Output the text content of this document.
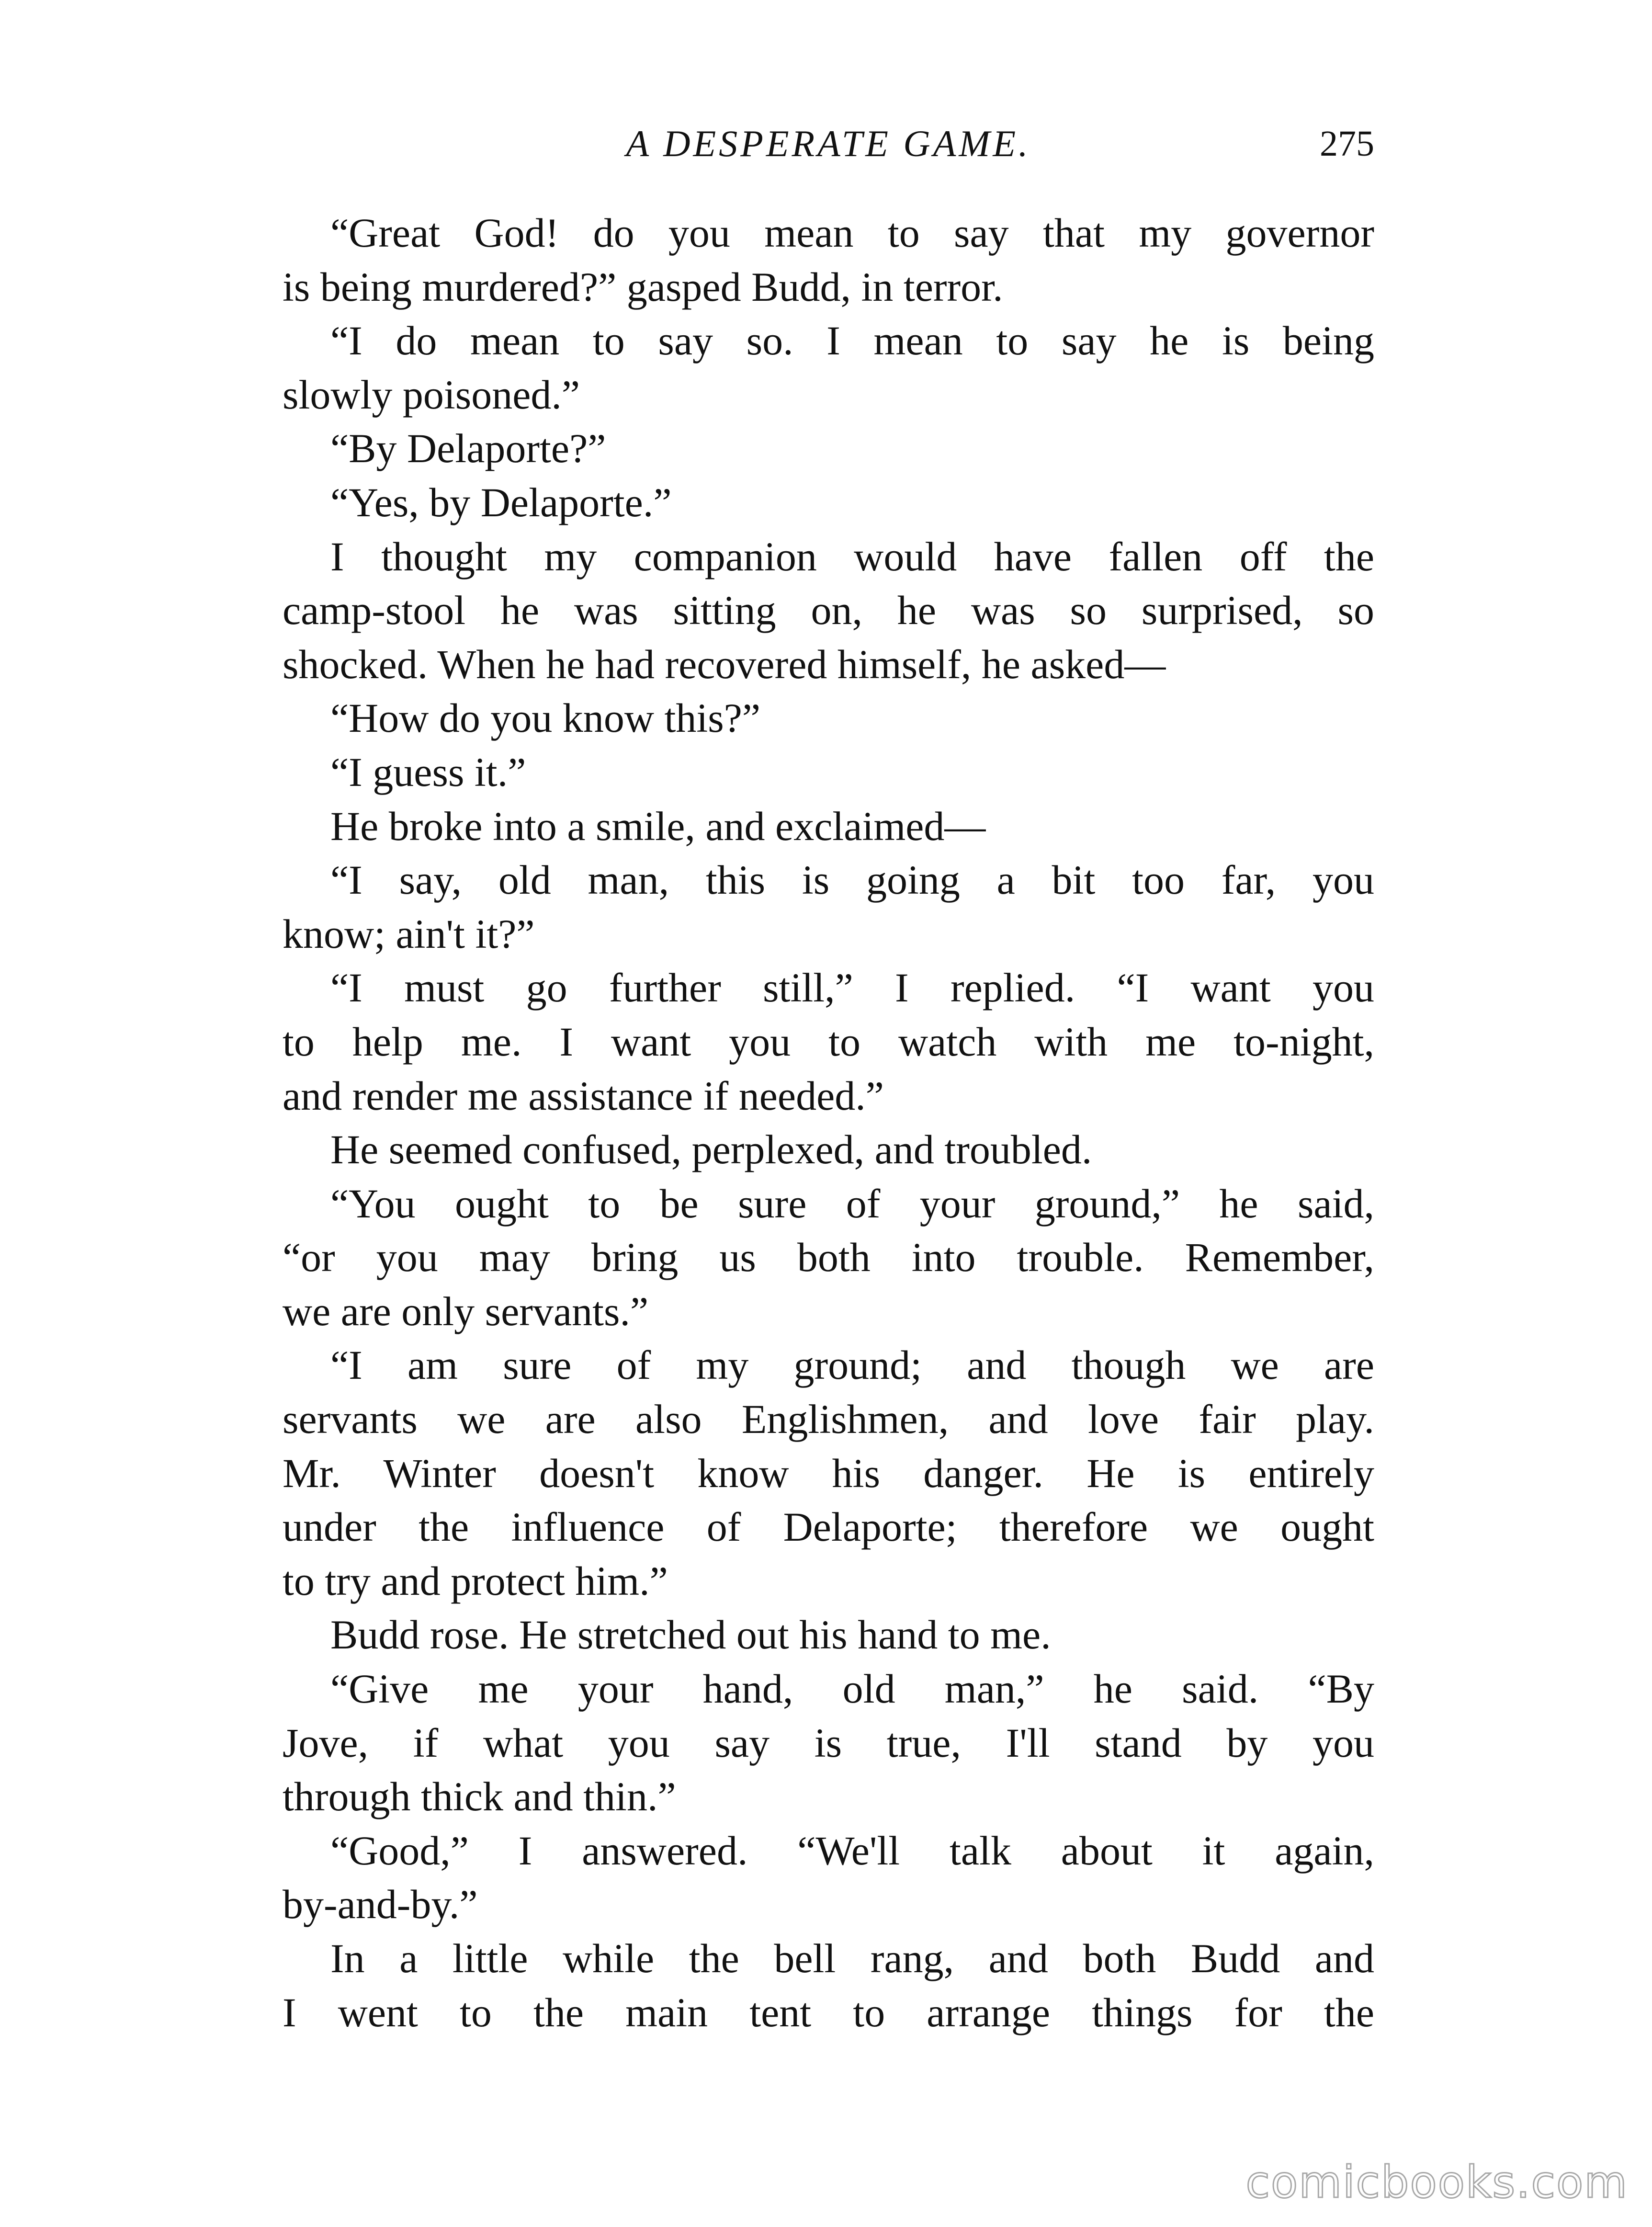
A DESPERATE GAME.	275
“Great God! do you mean to say that my governor
is being murdered?” gasped Budd, in terror.
“I do mean to say so. I mean to say he is being
slowly poisoned.”
“By Delaporte?”
“Yes, by Delaporte.”
I thought my companion would have fallen off the
camp-stool he was sitting on, he was so surprised, so
shocked. When he had recovered himself, he asked—
“How do you know this?”
“I guess it.”
He broke into a smile, and exclaimed—
“I say, old man, this is going a bit too far, you
know; ain't it?”
“I must go further still,” I replied. “I want you
to help me. I want you to watch with me to-night,
and render me assistance if needed.”
He seemed confused, perplexed, and troubled.
“You ought to be sure of your ground,” he said,
“or you may bring us both into trouble. Remember,
we are only servants.”
“I am sure of my ground; and though we are
servants we are also Englishmen, and love fair play.
Mr. Winter doesn't know his danger. He is entirely
under the influence of Delaporte; therefore we ought
to try and protect him.”
Budd rose. He stretched out his hand to me.
“Give me your hand, old man,” he said. “By
Jove, if what you say is true, I'll stand by you
through thick and thin.”
“Good,” I answered. “We'll talk about it again,
by-and-by.”
In a little while the bell rang, and both Budd and
I went to the main tent to arrange things for the
comicbooks.com
